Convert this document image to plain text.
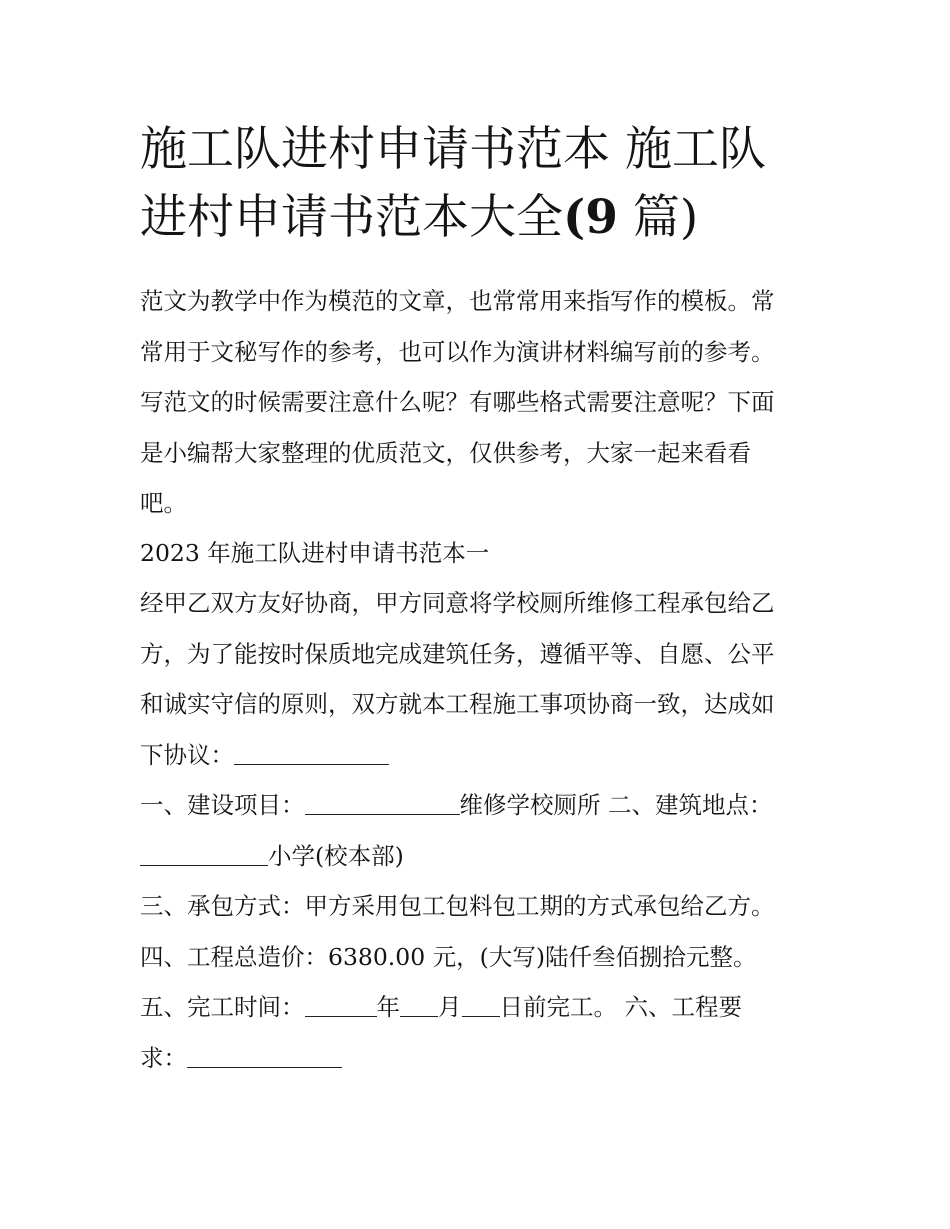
施工队进村申请书范本 施工队
进村申请书范本大全(9 篇)
范文为教学中作为模范的文章，也常常用来指写作的模板。常
常用于文秘写作的参考，也可以作为演讲材料编写前的参考。
写范文的时候需要注意什么呢？有哪些格式需要注意呢？下面
是小编帮大家整理的优质范文，仅供参考，大家一起来看看
吧。
2023 年施工队进村申请书范本一
经甲乙双方友好协商，甲方同意将学校厕所维修工程承包给乙
方，为了能按时保质地完成建筑任务，遵循平等、自愿、公平
和诚实守信的原则，双方就本工程施工事项协商一致，达成如
下协议：
一、建设项目：	维修学校厕所 二、建筑地点：
小学(校本部)
三、承包方式：甲方采用包工包料包工期的方式承包给乙方。
四、工程总造价：6380.00 元，(大写)陆仟叁佰捌拾元整。
五、完工时间：	年 月 日前完工。 六、工程要
求：
